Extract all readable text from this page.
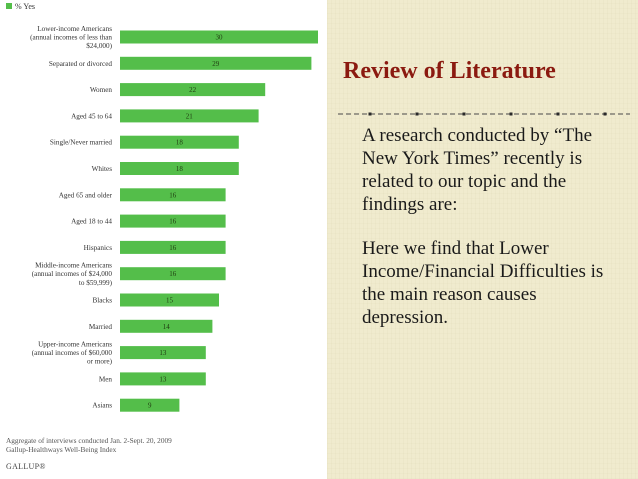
% Yes
30
Lower-income Americans
(annual incomes of less than
$24,000)
29
Separated or divorced
22
Women
21
Aged 45 to 64
18
Single/Never married
18
Whites
16
Aged 65 and older
16
Aged 18 to 44
16
Hispanics
16
Middle-income Americans
(annual incomes of $24,000
to $59,999)
15
Blacks
14
Married
13
Upper-income Americans
(annual incomes of $60,000
or more)
13
Men
9
Asians
Aggregate of interviews conducted Jan. 2-Sept. 20, 2009
Gallup-Healthways Well-Being Index
GALLUP®
Review of Literature

A research conducted by “The New York Times” recently is related to our topic and the findings are:

Here we find that Lower Income/Financial Difficulties is the main reason causes depression.
